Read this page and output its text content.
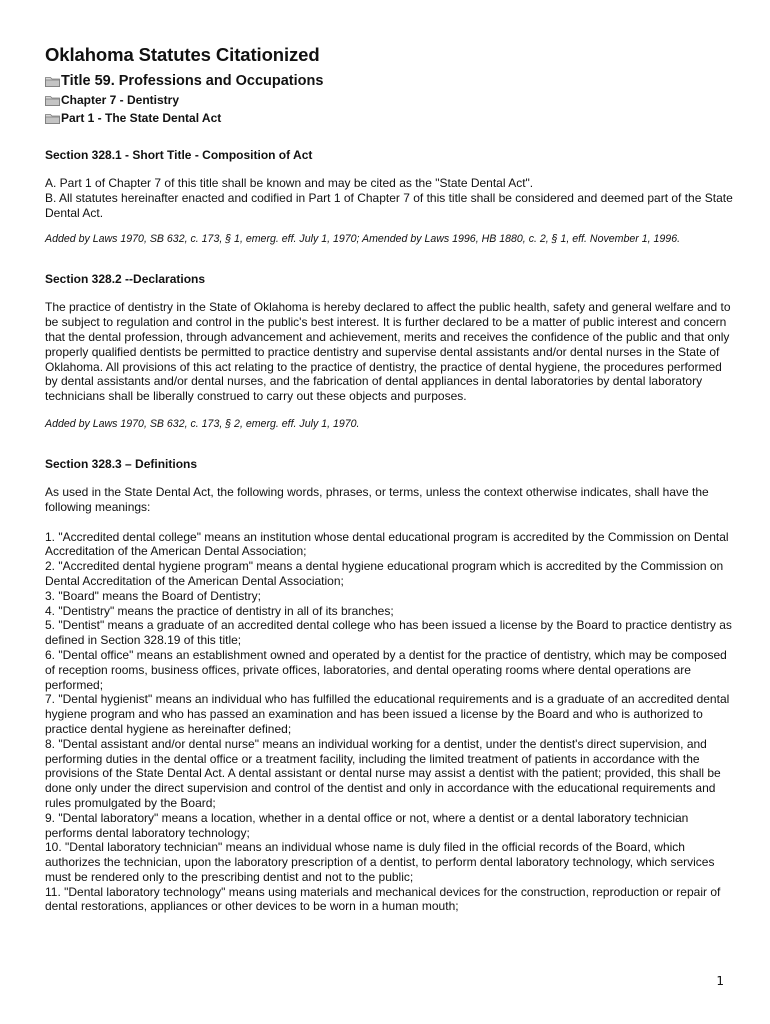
Oklahoma Statutes Citationized
Title 59. Professions and Occupations
Chapter 7 - Dentistry
Part 1 - The State Dental Act
Section 328.1 - Short Title - Composition of Act

A. Part 1 of Chapter 7 of this title shall be known and may be cited as the "State Dental Act".

B. All statutes hereinafter enacted and codified in Part 1 of Chapter 7 of this title shall be considered and deemed part of the State Dental Act.

Added by Laws 1970, SB 632, c. 173, § 1, emerg. eff. July 1, 1970; Amended by Laws 1996, HB 1880, c. 2, § 1, eff. November 1, 1996.

Section 328.2 --Declarations

The practice of dentistry in the State of Oklahoma is hereby declared to affect the public health, safety and general welfare and to be subject to regulation and control in the public's best interest. It is further declared to be a matter of public interest and concern that the dental profession, through advancement and achievement, merits and receives the confidence of the public and that only properly qualified dentists be permitted to practice dentistry and supervise dental assistants and/or dental nurses in the State of Oklahoma. All provisions of this act relating to the practice of dentistry, the practice of dental hygiene, the procedures performed by dental assistants and/or dental nurses, and the fabrication of dental appliances in dental laboratories by dental laboratory technicians shall be liberally construed to carry out these objects and purposes.

Added by Laws 1970, SB 632, c. 173, § 2, emerg. eff. July 1, 1970.

Section 328.3 – Definitions

As used in the State Dental Act, the following words, phrases, or terms, unless the context otherwise indicates, shall have the following meanings:

1. "Accredited dental college" means an institution whose dental educational program is accredited by the Commission on Dental Accreditation of the American Dental Association;
2. "Accredited dental hygiene program" means a dental hygiene educational program which is accredited by the Commission on Dental Accreditation of the American Dental Association;
3. "Board" means the Board of Dentistry;
4. "Dentistry" means the practice of dentistry in all of its branches;
5. "Dentist" means a graduate of an accredited dental college who has been issued a license by the Board to practice dentistry as defined in Section 328.19 of this title;
6. "Dental office" means an establishment owned and operated by a dentist for the practice of dentistry, which may be composed of reception rooms, business offices, private offices, laboratories, and dental operating rooms where dental operations are performed;
7. "Dental hygienist" means an individual who has fulfilled the educational requirements and is a graduate of an accredited dental hygiene program and who has passed an examination and has been issued a license by the Board and who is authorized to practice dental hygiene as hereinafter defined;
8. "Dental assistant and/or dental nurse" means an individual working for a dentist, under the dentist's direct supervision, and performing duties in the dental office or a treatment facility, including the limited treatment of patients in accordance with the provisions of the State Dental Act. A dental assistant or dental nurse may assist a dentist with the patient; provided, this shall be done only under the direct supervision and control of the dentist and only in accordance with the educational requirements and rules promulgated by the Board;
9. "Dental laboratory" means a location, whether in a dental office or not, where a dentist or a dental laboratory technician performs dental laboratory technology;
10. "Dental laboratory technician" means an individual whose name is duly filed in the official records of the Board, which authorizes the technician, upon the laboratory prescription of a dentist, to perform dental laboratory technology, which services must be rendered only to the prescribing dentist and not to the public;
11. "Dental laboratory technology" means using materials and mechanical devices for the construction, reproduction or repair of dental restorations, appliances or other devices to be worn in a human mouth;
1
